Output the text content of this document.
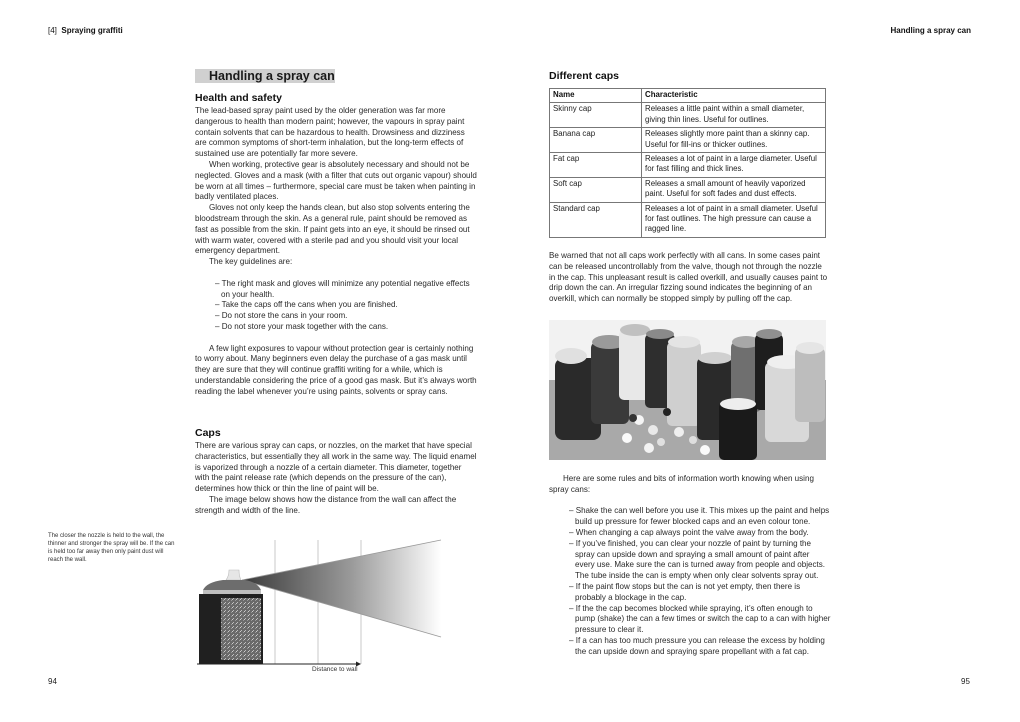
[4] Spraying graffiti
Handling a spray can
Health and safety

The lead-based spray paint used by the older generation was far more dangerous to health than modern paint; however, the vapours in spray paint contain solvents that can be hazardous to health. Drowsiness and dizziness are common symptoms of short-term inhalation, but the long-term effects of sustained use are potentially far more severe.

When working, protective gear is absolutely necessary and should not be neglected. Gloves and a mask (with a filter that cuts out organic vapour) should be worn at all times – furthermore, special care must be taken when painting in badly ventilated places.

Gloves not only keep the hands clean, but also stop solvents entering the bloodstream through the skin. As a general rule, paint should be removed as fast as possible from the skin. If paint gets into an eye, it should be rinsed out with warm water, covered with a sterile pad and you should visit your local emergency department.

The key guidelines are:

– The right mask and gloves will minimize any potential negative effects on your health.
– Take the caps off the cans when you are finished.
– Do not store the cans in your room.
– Do not store your mask together with the cans.

A few light exposures to vapour without protection gear is certainly nothing to worry about. Many beginners even delay the purchase of a gas mask until they are sure that they will continue graffiti writing for a while, which is understandable considering the price of a good gas mask. But it’s always worth reading the label whenever you’re using paints, solvents or spray cans.

Caps

There are various spray can caps, or nozzles, on the market that have special characteristics, but essentially they all work in the same way. The liquid enamel is vaporized through a nozzle of a certain diameter. This diameter, together with the paint release rate (which depends on the pressure of the can), determines how thick or thin the line of paint will be.

The image below shows how the distance from the wall can affect the strength and width of the line.

The closer the nozzle is held to the wall, the thinner and stronger the spray will be. If the can is held too far away then only paint dust will reach the wall.
Distance to wall
94
Handling a spray can
Different caps
Name	Characteristic
Skinny cap	Releases a little paint within a small diameter, giving thin lines. Useful for outlines.
Banana cap	Releases slightly more paint than a skinny cap. Useful for fill-ins or thicker outlines.
Fat cap	Releases a lot of paint in a large diameter. Useful for fast filling and thick lines.
Soft cap	Releases a small amount of heavily vaporized paint. Useful for soft fades and dust effects.
Standard cap	Releases a lot of paint in a small diameter. Useful for fast outlines. The high pressure can cause a ragged line.
Be warned that not all caps work perfectly with all cans. In some cases paint can be released uncontrollably from the valve, though not through the nozzle in the cap. This unpleasant result is called overkill, and usually causes paint to drip down the can. An irregular fizzing sound indicates the beginning of an overkill, which can normally be stopped simply by pulling off the cap.

Here are some rules and bits of information worth knowing when using spray cans:

– Shake the can well before you use it. This mixes up the paint and helps build up pressure for fewer blocked caps and an even colour tone.
– When changing a cap always point the valve away from the body.
– If you’ve finished, you can clear your nozzle of paint by turning the spray can upside down and spraying a small amount of paint after every use. Make sure the can is turned away from people and objects. The tube inside the can is empty when only clear solvents spray out.
– If the paint flow stops but the can is not yet empty, then there is probably a blockage in the cap.
– If the the cap becomes blocked while spraying, it’s often enough to pump (shake) the can a few times or switch the cap to a can with higher pressure to clear it.
– If a can has too much pressure you can release the excess by holding the can upside down and spraying spare propellant with a fat cap.
95
